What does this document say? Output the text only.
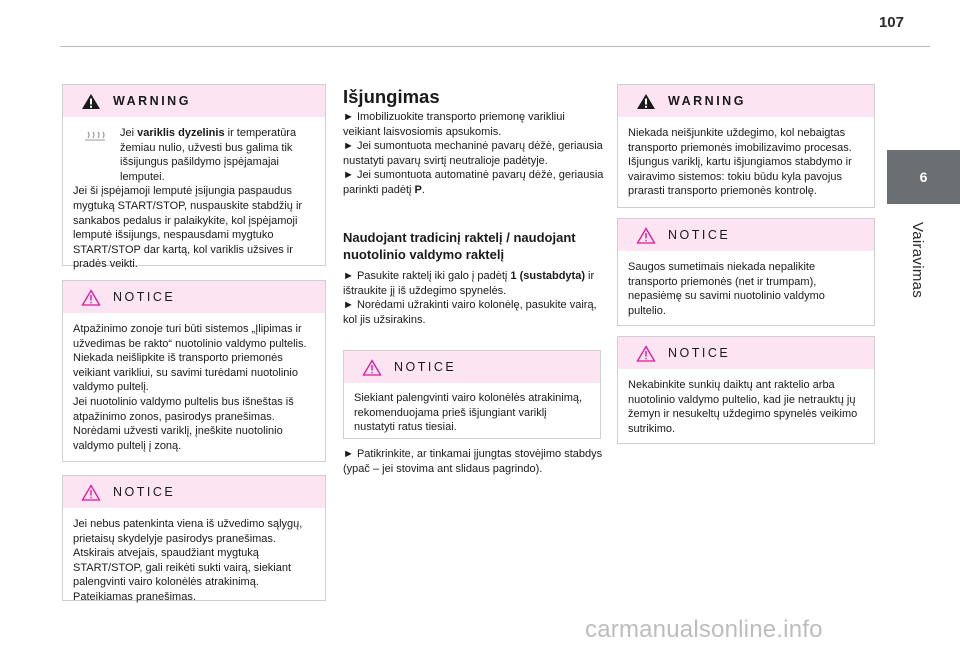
107
6
Vairavimas
WARNING
Jei variklis dyzelinis ir temperatūra žemiau nulio, užvesti bus galima tik išsijungus pašildymo įspėjamajai lemputei.
Jei ši įspėjamoji lemputė įsijungia paspaudus mygtuką START/STOP, nuspauskite stabdžių ir sankabos pedalus ir palaikykite, kol įspėjamoji lemputė išsijungs, nespausdami mygtuko START/STOP dar kartą, kol variklis užsives ir pradės veikti.
NOTICE
Atpažinimo zonoje turi būti sistemos „Įlipimas ir užvedimas be rakto“ nuotolinio valdymo pultelis.
Niekada neišlipkite iš transporto priemonės veikiant varikliui, su savimi turėdami nuotolinio valdymo pultelį.
Jei nuotolinio valdymo pultelis bus išneštas iš atpažinimo zonos, pasirodys pranešimas.
Norėdami užvesti variklį, įneškite nuotolinio valdymo pultelį į zoną.
NOTICE
Jei nebus patenkinta viena iš užvedimo sąlygų, prietaisų skydelyje pasirodys pranešimas. Atskirais atvejais, spaudžiant mygtuką START/STOP, gali reikėti sukti vairą, siekiant palengvinti vairo kolonėlės atrakinimą. Pateikiamas pranešimas.
Išjungimas
► Imobilizuokite transporto priemonę varikliui veikiant laisvosiomis apsukomis.
► Jei sumontuota mechaninė pavarų dėžė, geriausia nustatyti pavarų svirtį neutralioje padėtyje.
► Jei sumontuota automatinė pavarų dėžė, geriausia parinkti padėtį P.
Naudojant tradicinį raktelį / naudojant nuotolinio valdymo raktelį
► Pasukite raktelį iki galo į padėtį 1 (sustabdyta) ir ištraukite jį iš uždegimo spynelės.
► Norėdami užrakinti vairo kolonėlę, pasukite vairą, kol jis užsirakins.
NOTICE
Siekiant palengvinti vairo kolonėlės atrakinimą, rekomenduojama prieš išjungiant variklį nustatyti ratus tiesiai.
► Patikrinkite, ar tinkamai įjungtas stovėjimo stabdys (ypač – jei stovima ant slidaus pagrindo).
WARNING
Niekada neišjunkite uždegimo, kol nebaigtas transporto priemonės imobilizavimo procesas. Išjungus variklį, kartu išjungiamos stabdymo ir vairavimo sistemos: tokiu būdu kyla pavojus prarasti transporto priemonės kontrolę.
NOTICE
Saugos sumetimais niekada nepalikite transporto priemonės (net ir trumpam), nepasiėmę su savimi nuotolinio valdymo pultelio.
NOTICE
Nekabinkite sunkių daiktų ant raktelio arba nuotolinio valdymo pultelio, kad jie netrauktų jų žemyn ir nesukeltų uždegimo spynelės veikimo sutrikimo.
carmanualsonline.info
